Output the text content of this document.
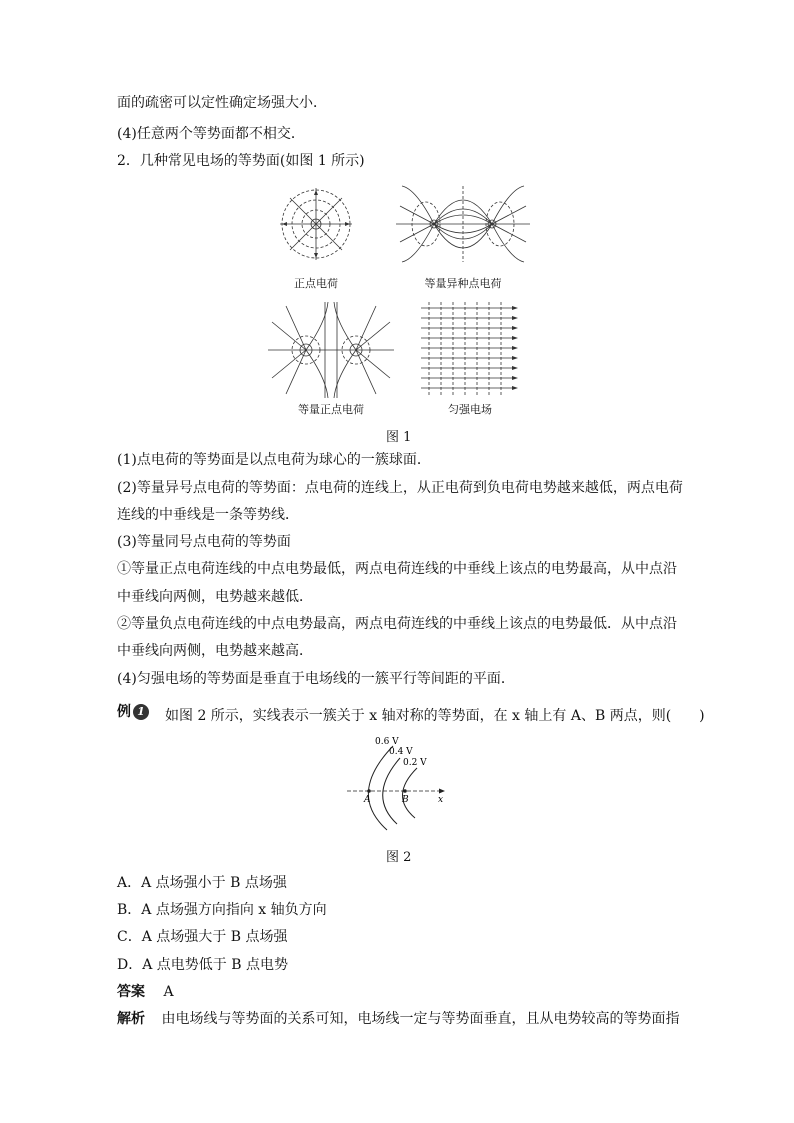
面的疏密可以定性确定场强大小．
(4)任意两个等势面都不相交．
2．几种常见电场的等势面(如图 1 所示)
正点电荷	等量异种点电荷
等量正点电荷	匀强电场
图 1
(1)点电荷的等势面是以点电荷为球心的一簇球面．
(2)等量异号点电荷的等势面：点电荷的连线上，从正电荷到负电荷电势越来越低，两点电荷
连线的中垂线是一条等势线．
(3)等量同号点电荷的等势面
①等量正点电荷连线的中点电势最低，两点电荷连线的中垂线上该点的电势最高，从中点沿
中垂线向两侧，电势越来越低．
②等量负点电荷连线的中点电势最高，两点电荷连线的中垂线上该点的电势最低．从中点沿
中垂线向两侧，电势越来越高．
(4)匀强电场的等势面是垂直于电场线的一簇平行等间距的平面．
例 1 如图 2 所示，实线表示一簇关于 x 轴对称的等势面，在 x 轴上有 A、B 两点，则(　　)
0.6 V
0.4 V
0.2 V
A	B	x
图 2
A．A 点场强小于 B 点场强
B．A 点场强方向指向 x 轴负方向
C．A 点场强大于 B 点场强
D．A 点电势低于 B 点电势
答案 A
解析 由电场线与等势面的关系可知，电场线一定与等势面垂直，且从电势较高的等势面指
